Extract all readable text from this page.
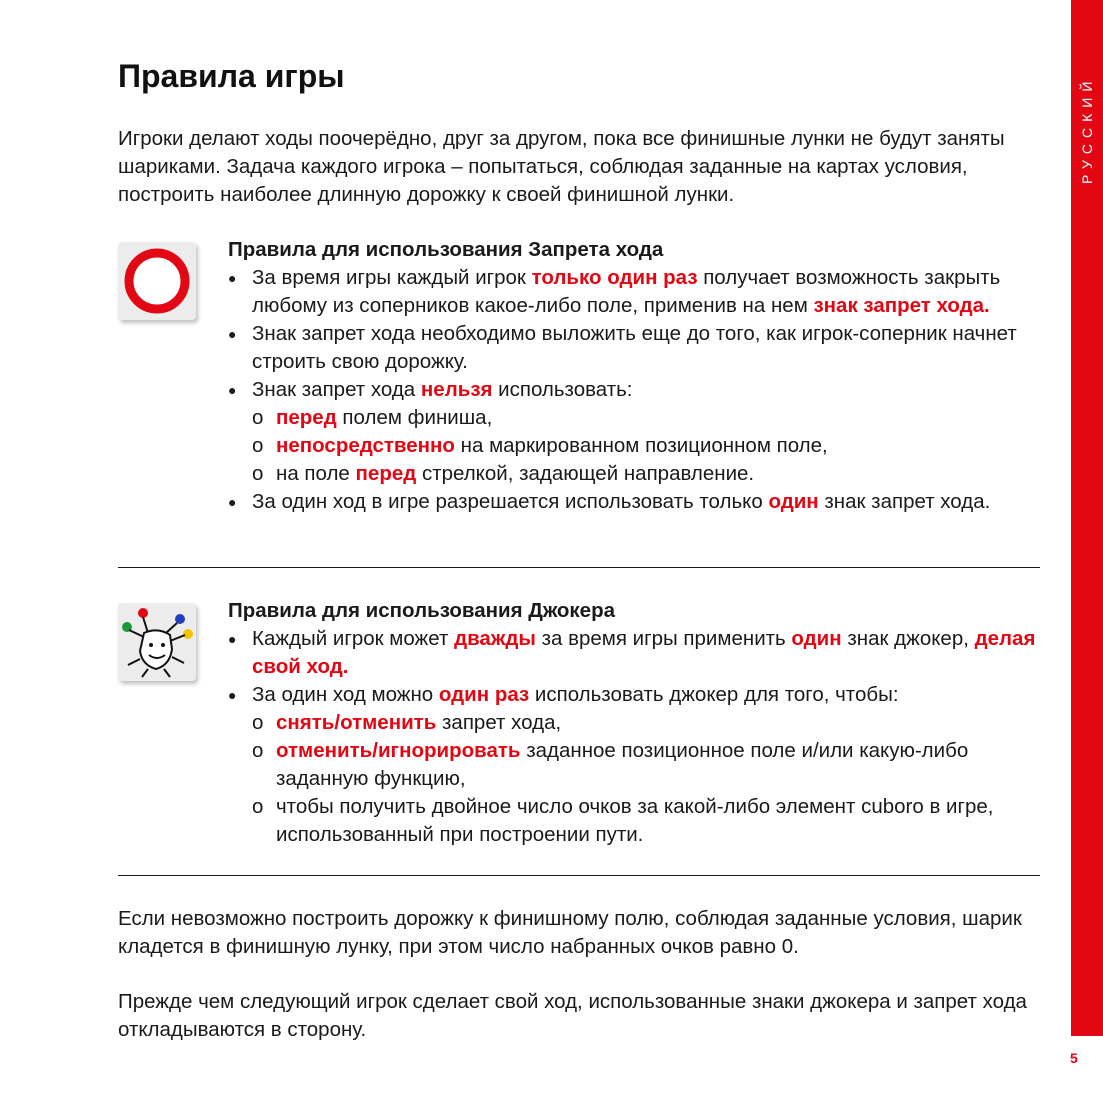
РУССКИЙ
Правила игры

Игроки делают ходы поочерёдно, друг за другом, пока все финишные лунки не будут заняты шариками. Задача каждого игрока – попытаться, соблюдая заданные на картах условия, построить наиболее длинную дорожку к своей финишной лунки.

Правила для использования Запрета хода
● За время игры каждый игрок только один раз получает возможность закрыть любому из соперников какое-либо поле, применив на нем знак запрет хода.
● Знак запрет хода необходимо выложить еще до того, как игрок-соперник начнет строить свою дорожку.
● Знак запрет хода нельзя использовать:
o перед полем финиша,
o непосредственно на маркированном позиционном поле,
o на поле перед стрелкой, задающей направление.
● За один ход в игре разрешается использовать только один знак запрет хода.
Правила для использования Джокера
● Каждый игрок может дважды за время игры применить один знак джокер, делая свой ход.
● За один ход можно один раз использовать джокер для того, чтобы:
o снять/отменить запрет хода,
o отменить/игнорировать заданное позиционное поле и/или какую-либо заданную функцию,
o чтобы получить двойное число очков за какой-либо элемент cuboro в игре, использованный при построении пути.

Если невозможно построить дорожку к финишному полю, соблюдая заданные условия, шарик кладется в финишную лунку, при этом число набранных очков равно 0.

Прежде чем следующий игрок сделает свой ход, использованные знаки джокера и запрет хода откладываются в сторону.

5
